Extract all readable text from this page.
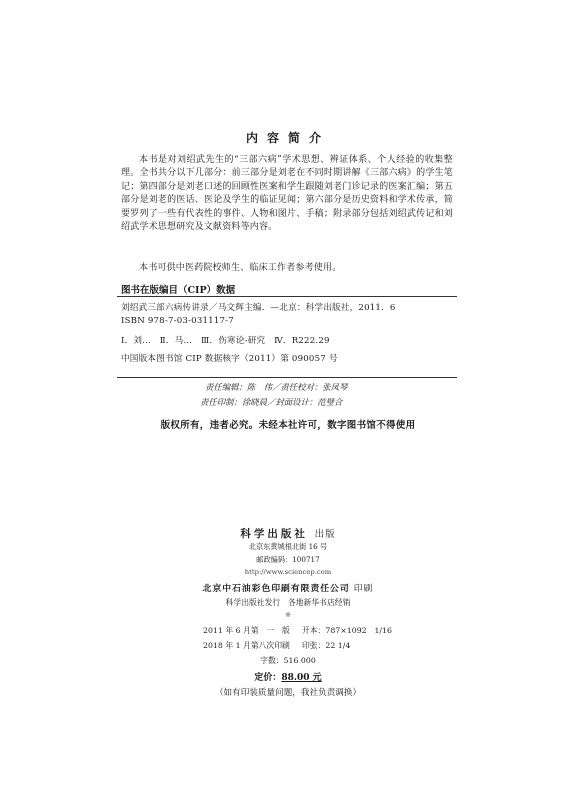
内容简介
本书是对刘绍武先生的“三部六病”学术思想、辨证体系、个人经验的收集整理。全书共分以下几部分：前三部分是刘老在不同时期讲解《三部六病》的学生笔记；第四部分是刘老口述的回顾性医案和学生跟随刘老门诊记录的医案汇编；第五部分是刘老的医话、医论及学生的临证见闻；第六部分是历史资料和学术传承，简要罗列了一些有代表性的事件、人物和图片、手稿；附录部分包括刘绍武传记和刘绍武学术思想研究及文献资料等内容。
本书可供中医药院校师生、临床工作者参考使用。
图书在版编目（CIP）数据
刘绍武三部六病传讲录／马文辉主编．—北京：科学出版社，2011．6
ISBN 978-7-03-031117-7
Ⅰ．刘…　Ⅱ．马…　Ⅲ．伤寒论-研究　Ⅳ．R222.29
中国版本图书馆 CIP 数据核字（2011）第 090057 号
责任编辑：陈　伟／责任校对：张凤琴
责任印制：徐晓晨／封面设计：范璧合
版权所有，违者必究。未经本社许可，数字图书馆不得使用
科学出版社 出版
北京东黄城根北街 16 号
邮政编码：100717
http://www.sciencep.com
北京中石油彩色印刷有限责任公司 印刷
科学出版社发行　各地新华书店经销
※
2011 年 6 月第　一　版 开本：787×1092　1/16
2018 年 1 月第八次印刷 印张：22 1/4
字数：516 000
定价：88.00 元
（如有印装质量问题，我社负责调换）
